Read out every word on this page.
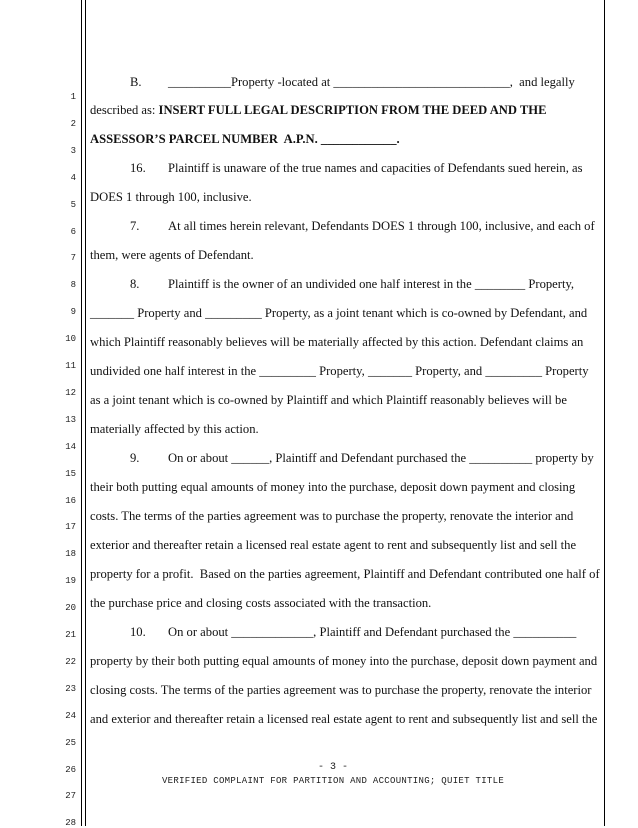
1
2
3
4
5
6
7
8
9
10
11
12
13
14
15
16
17
18
19
20
21
22
23
24
25
26
27
28
B. __________Property -located at ____________________________,  and legally
described as: INSERT FULL LEGAL DESCRIPTION FROM THE DEED AND THE
ASSESSOR’S PARCEL NUMBER  A.P.N. ____________.
16. Plaintiff is unaware of the true names and capacities of Defendants sued herein, as
DOES 1 through 100, inclusive.
7. At all times herein relevant, Defendants DOES 1 through 100, inclusive, and each of
them, were agents of Defendant.
8. Plaintiff is the owner of an undivided one half interest in the ________ Property,
_______ Property and _________ Property, as a joint tenant which is co-owned by Defendant, and
which Plaintiff reasonably believes will be materially affected by this action. Defendant claims an
undivided one half interest in the _________ Property, _______ Property, and _________ Property
as a joint tenant which is co-owned by Plaintiff and which Plaintiff reasonably believes will be
materially affected by this action.
9. On or about ______, Plaintiff and Defendant purchased the __________ property by
their both putting equal amounts of money into the purchase, deposit down payment and closing
costs. The terms of the parties agreement was to purchase the property, renovate the interior and
exterior and thereafter retain a licensed real estate agent to rent and subsequently list and sell the
property for a profit.  Based on the parties agreement, Plaintiff and Defendant contributed one half of
the purchase price and closing costs associated with the transaction.
10. On or about _____________, Plaintiff and Defendant purchased the __________
property by their both putting equal amounts of money into the purchase, deposit down payment and
closing costs. The terms of the parties agreement was to purchase the property, renovate the interior
and exterior and thereafter retain a licensed real estate agent to rent and subsequently list and sell the
- 3 -
VERIFIED COMPLAINT FOR PARTITION AND ACCOUNTING; QUIET TITLE
